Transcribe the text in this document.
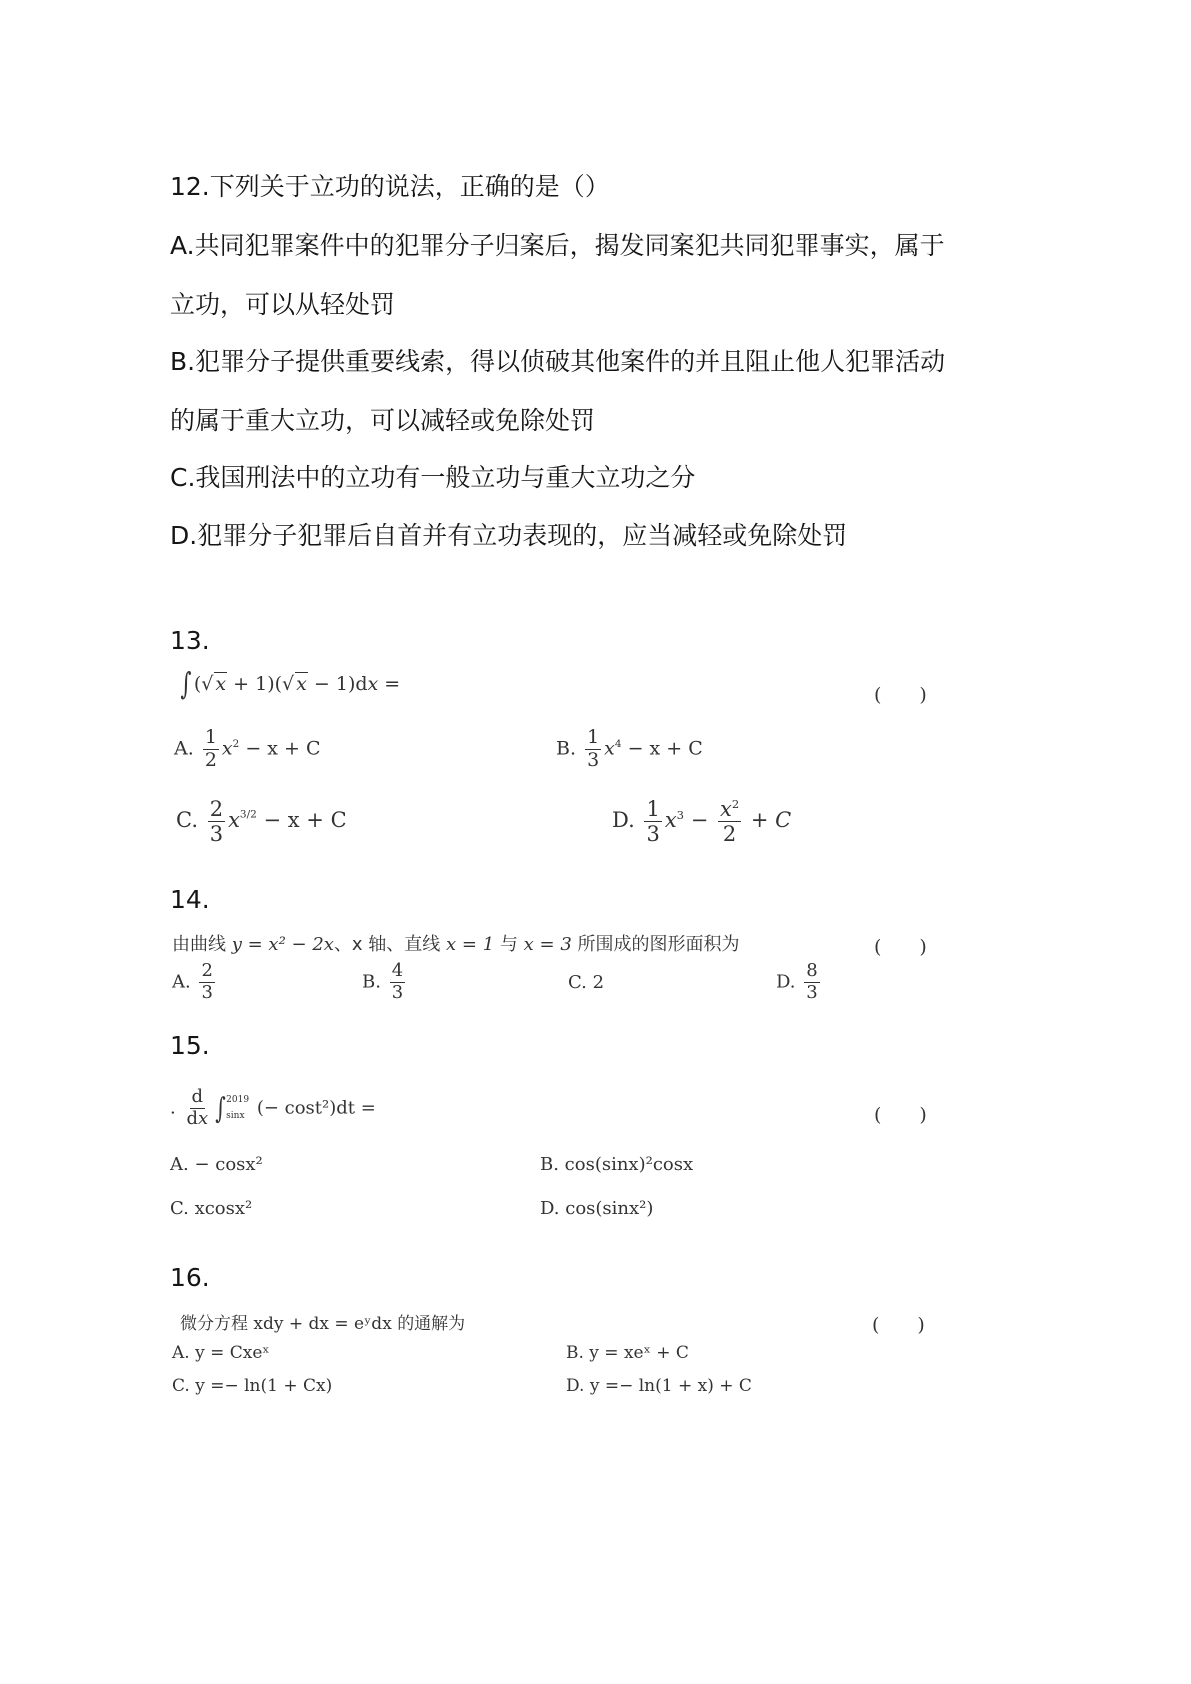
12.下列关于立功的说法，正确的是（）
A.共同犯罪案件中的犯罪分子归案后，揭发同案犯共同犯罪事实，属于
立功，可以从轻处罚
B.犯罪分子提供重要线索，得以侦破其他案件的并且阻止他人犯罪活动
的属于重大立功，可以减轻或免除处罚
C.我国刑法中的立功有一般立功与重大立功之分
D.犯罪分子犯罪后自首并有立功表现的，应当减轻或免除处罚
13.
∫ (√ x + 1)(√ x − 1)dx =	(　　)
A. $\frac{1}{2} x^2 - x + C$	B. $\frac{1}{3} x^4 - x + C$
C. $\frac{2}{3} x^{3/2} - x + C$	D. $\frac{1}{3} x^3 - \frac{x^2}{2} + C$
14.
由曲线 y = x² − 2x、x 轴、直线 x = 1 与 x = 3 所围成的图形面积为	(　　)
A. $\frac{2}{3}$	B. $\frac{4}{3}$	C. 2	D. $\frac{8}{3}$
15.
. $\frac{d}{dx}$ ∫ 2019
sinx (− cost²)dt =	(　　)
A. − cosx²	B. cos(sinx)²cosx
C. xcosx²	D. cos(sinx²)
16.
微分方程 xdy + dx = eʸdx 的通解为	(　　)
A. y = Cxeˣ	B. y = xeˣ + C
C. y =− ln(1 + Cx)	D. y =− ln(1 + x) + C
